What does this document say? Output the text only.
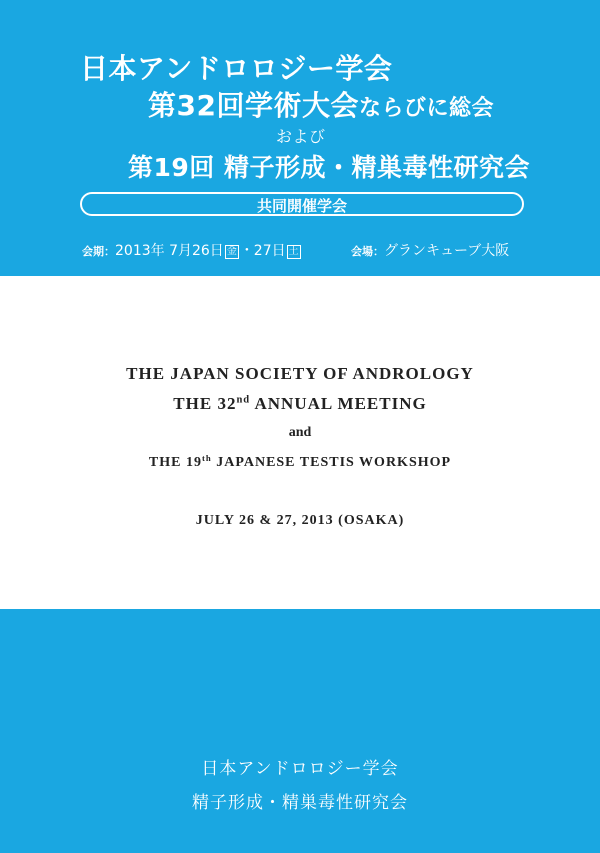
日本アンドロロジー学会
第32回学術大会ならびに総会
および
第19回 精子形成・精巣毒性研究会
共同開催学会
会期：2013年 7月26日 金 ・27日 土	会場：グランキューブ大阪
THE JAPAN SOCIETY OF ANDROLOGY
THE 32nd ANNUAL MEETING
and
THE 19th JAPANESE TESTIS WORKSHOP
JULY 26 & 27, 2013 (OSAKA)
日本アンドロロジー学会
精子形成・精巣毒性研究会
